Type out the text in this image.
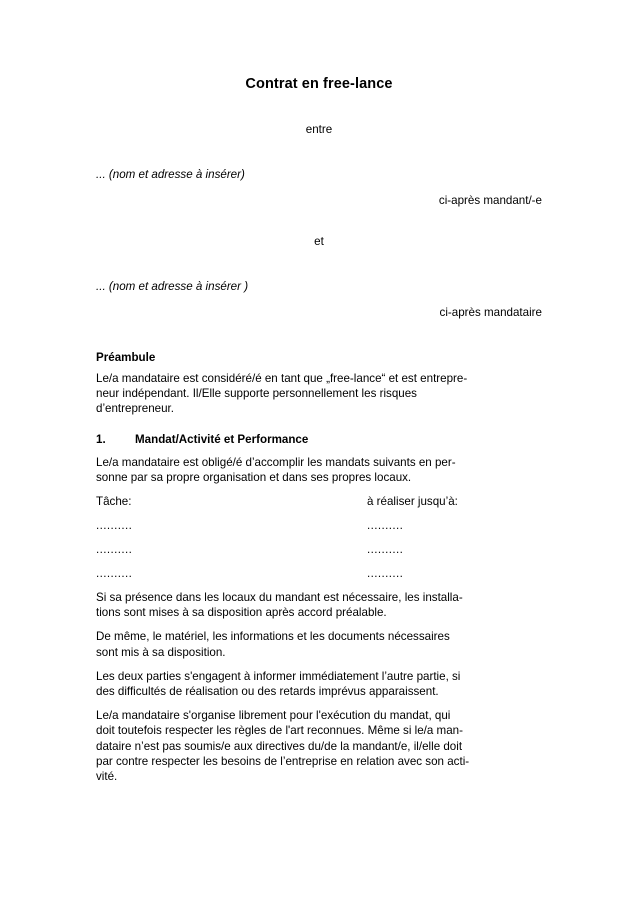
Contrat en free-lance

entre

... (nom et adresse à insérer)

ci-après mandant/-e

et

... (nom et adresse à insérer )

ci-après mandataire

Préambule

Le/a mandataire est considéré/é en tant que „free-lance“ et est entrepre-
neur indépendant. Il/Elle supporte personnellement les risques
d’entrepreneur.

1.	Mandat/Activité et Performance

Le/a mandataire est obligé/é d’accomplir les mandats suivants en per-
sonne par sa propre organisation et dans ses propres locaux.

Tâche:	à réaliser jusqu’à:
..........	..........
..........	..........
..........	..........

Si sa présence dans les locaux du mandant est nécessaire, les installa-
tions sont mises à sa disposition après accord préalable.

De même, le matériel, les informations et les documents nécessaires
sont mis à sa disposition.

Les deux parties s'engagent à informer immédiatement l’autre partie, si
des difficultés de réalisation ou des retards imprévus apparaissent.

Le/a mandataire s'organise librement pour l'exécution du mandat, qui
doit toutefois respecter les règles de l'art reconnues. Même si le/a man-
dataire n’est pas soumis/e aux directives du/de la mandant/e, il/elle doit
par contre respecter les besoins de l’entreprise en relation avec son acti-
vité.
